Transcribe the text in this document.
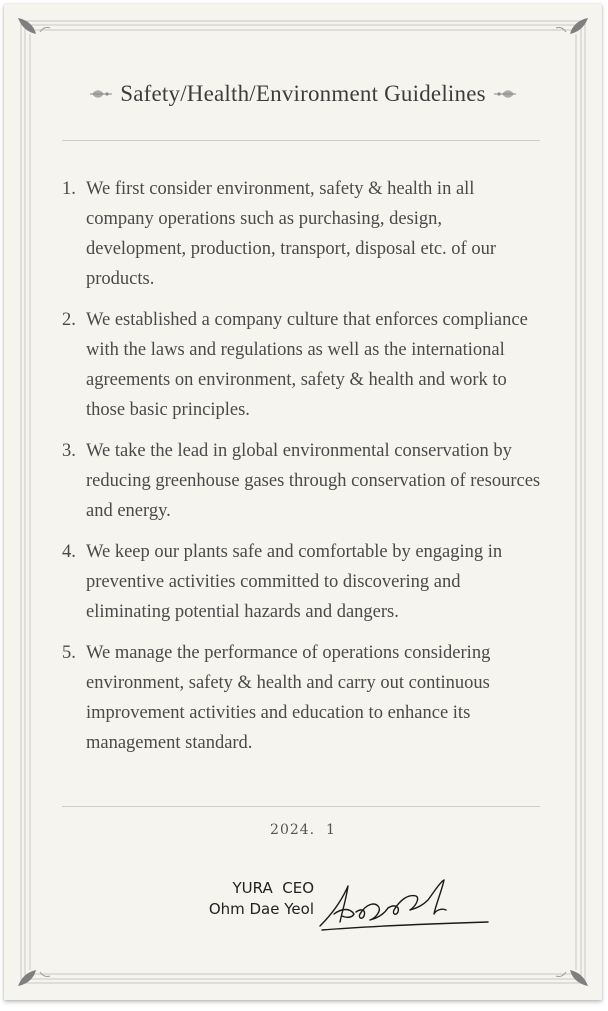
Safety/Health/Environment Guidelines
1. We first consider environment, safety & health in all company operations such as purchasing, design, development, production, transport, disposal etc. of our products.
2. We established a company culture that enforces compliance with the laws and regulations as well as the international agreements on environment, safety & health and work to those basic principles.
3. We take the lead in global environmental conservation by reducing greenhouse gases through conservation of resources and energy.
4. We keep our plants safe and comfortable by engaging in preventive activities committed to discovering and eliminating potential hazards and dangers.
5. We manage the performance of operations considering environment, safety & health and carry out continuous improvement activities and education to enhance its management standard.
2024.  1
YURA  CEO
Ohm Dae Yeol
